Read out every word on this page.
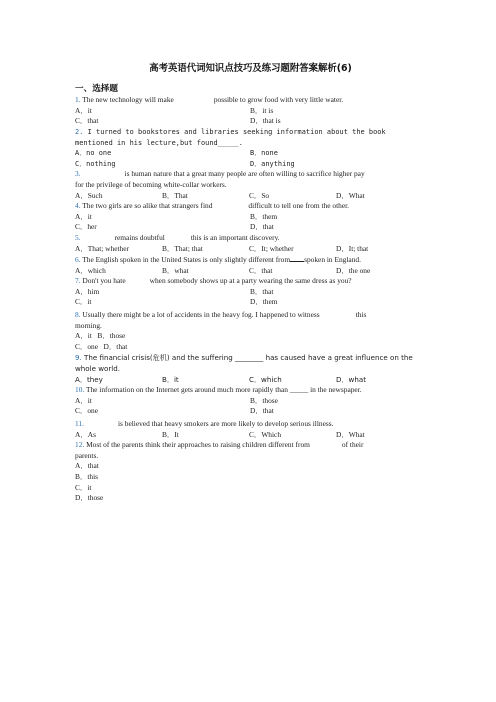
高考英语代词知识点技巧及练习题附答案解析(6)
一、选择题

1. The new technology will make	possible to grow food with very little water.

A．it	B．it is
C．that	D．that is

2. I turned to bookstores and libraries seeking information about the book

mentioned in his lecture,but found_____.

A．no one	B．none
C．nothing	D．anything

3.	is human nature that a great many people are often willing to sacrifice higher pay

for the privilege of becoming white-collar workers.

A．Such	B．That	C．So	D．What

4. The two girls are so alike that strangers find	difficult to tell one from the other.

A．it	B．them
C．her	D．that

5.	remains doubtful	this is an important discovery.

A．That; whether	B．That; that	C．It; whether	D．It; that

6. The English spoken in the United States is only slightly different from spoken in England.

A．which	B．what	C．that	D．the one

7. Don't you hate	when somebody shows up at a party wearing the same dress as you?

A．him	B．that
C．it	D．them

8. Usually there might be a lot of accidents in the heavy fog. I happened to witness	this

morning.

A．it   B．those

C．one   D．that

9. The financial crisis(危机) and the suffering ________ has caused have a great influence on the

whole world.

A．they	B．it	C．which	D．what

10. The information on the Internet gets around much more rapidly than _____ in the newspaper.

A．it	B．those
C．one	D．that

11.	is believed that heavy smokers are more likely to develop serious illness.

A．As	B．It	C．Which	D．What

12. Most of the parents think their approaches to raising children different from	of their

parents.

A．that
B．this
C．it
D．those
